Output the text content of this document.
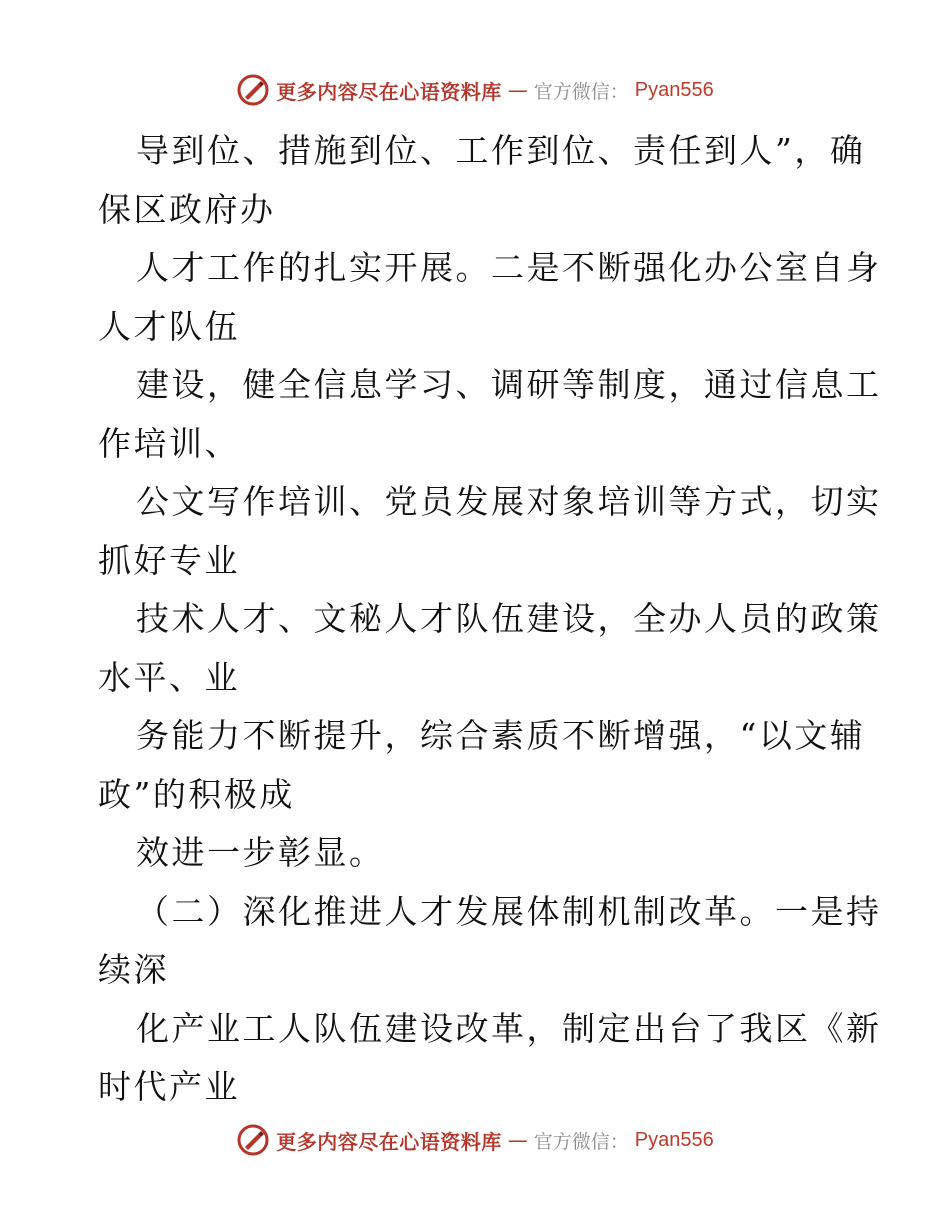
更多内容尽在心语资料库 — 官方微信： Pyan556
导到位、措施到位、工作到位、责任到人”，确
保区政府办
人才工作的扎实开展。二是不断强化办公室自身
人才队伍
建设，健全信息学习、调研等制度，通过信息工
作培训、
公文写作培训、党员发展对象培训等方式，切实
抓好专业
技术人才、文秘人才队伍建设，全办人员的政策
水平、业
务能力不断提升，综合素质不断增强，“以文辅
政”的积极成
效进一步彰显。
（二）深化推进人才发展体制机制改革。一是持
续深
化产业工人队伍建设改革，制定出台了我区《新
时代产业
更多内容尽在心语资料库 — 官方微信： Pyan556
